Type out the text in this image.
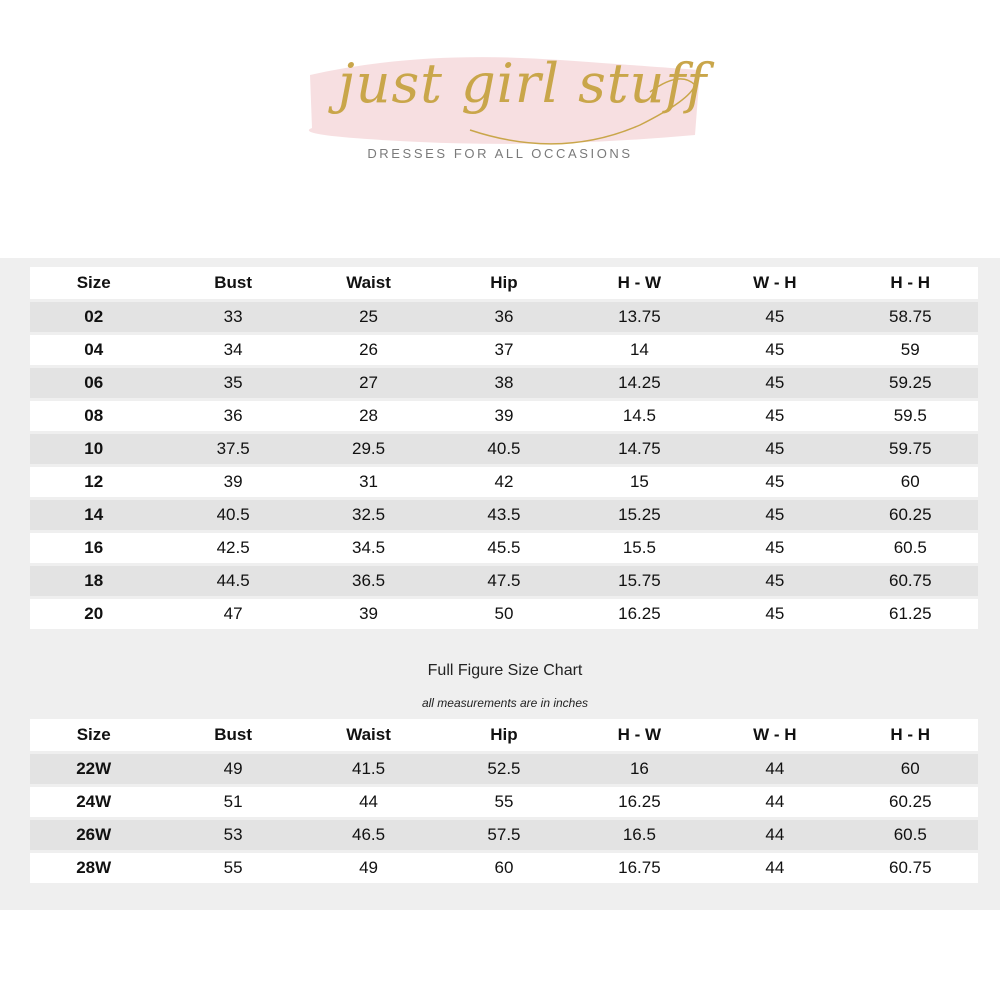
just girl stuff
DRESSES FOR ALL OCCASIONS
Size	Bust	Waist	Hip	H - W	W - H	H - H
02	33	25	36	13.75	45	58.75
04	34	26	37	14	45	59
06	35	27	38	14.25	45	59.25
08	36	28	39	14.5	45	59.5
10	37.5	29.5	40.5	14.75	45	59.75
12	39	31	42	15	45	60
14	40.5	32.5	43.5	15.25	45	60.25
16	42.5	34.5	45.5	15.5	45	60.5
18	44.5	36.5	47.5	15.75	45	60.75
20	47	39	50	16.25	45	61.25
Full Figure Size Chart
all measurements are in inches
Size	Bust	Waist	Hip	H - W	W - H	H - H
22W	49	41.5	52.5	16	44	60
24W	51	44	55	16.25	44	60.25
26W	53	46.5	57.5	16.5	44	60.5
28W	55	49	60	16.75	44	60.75
